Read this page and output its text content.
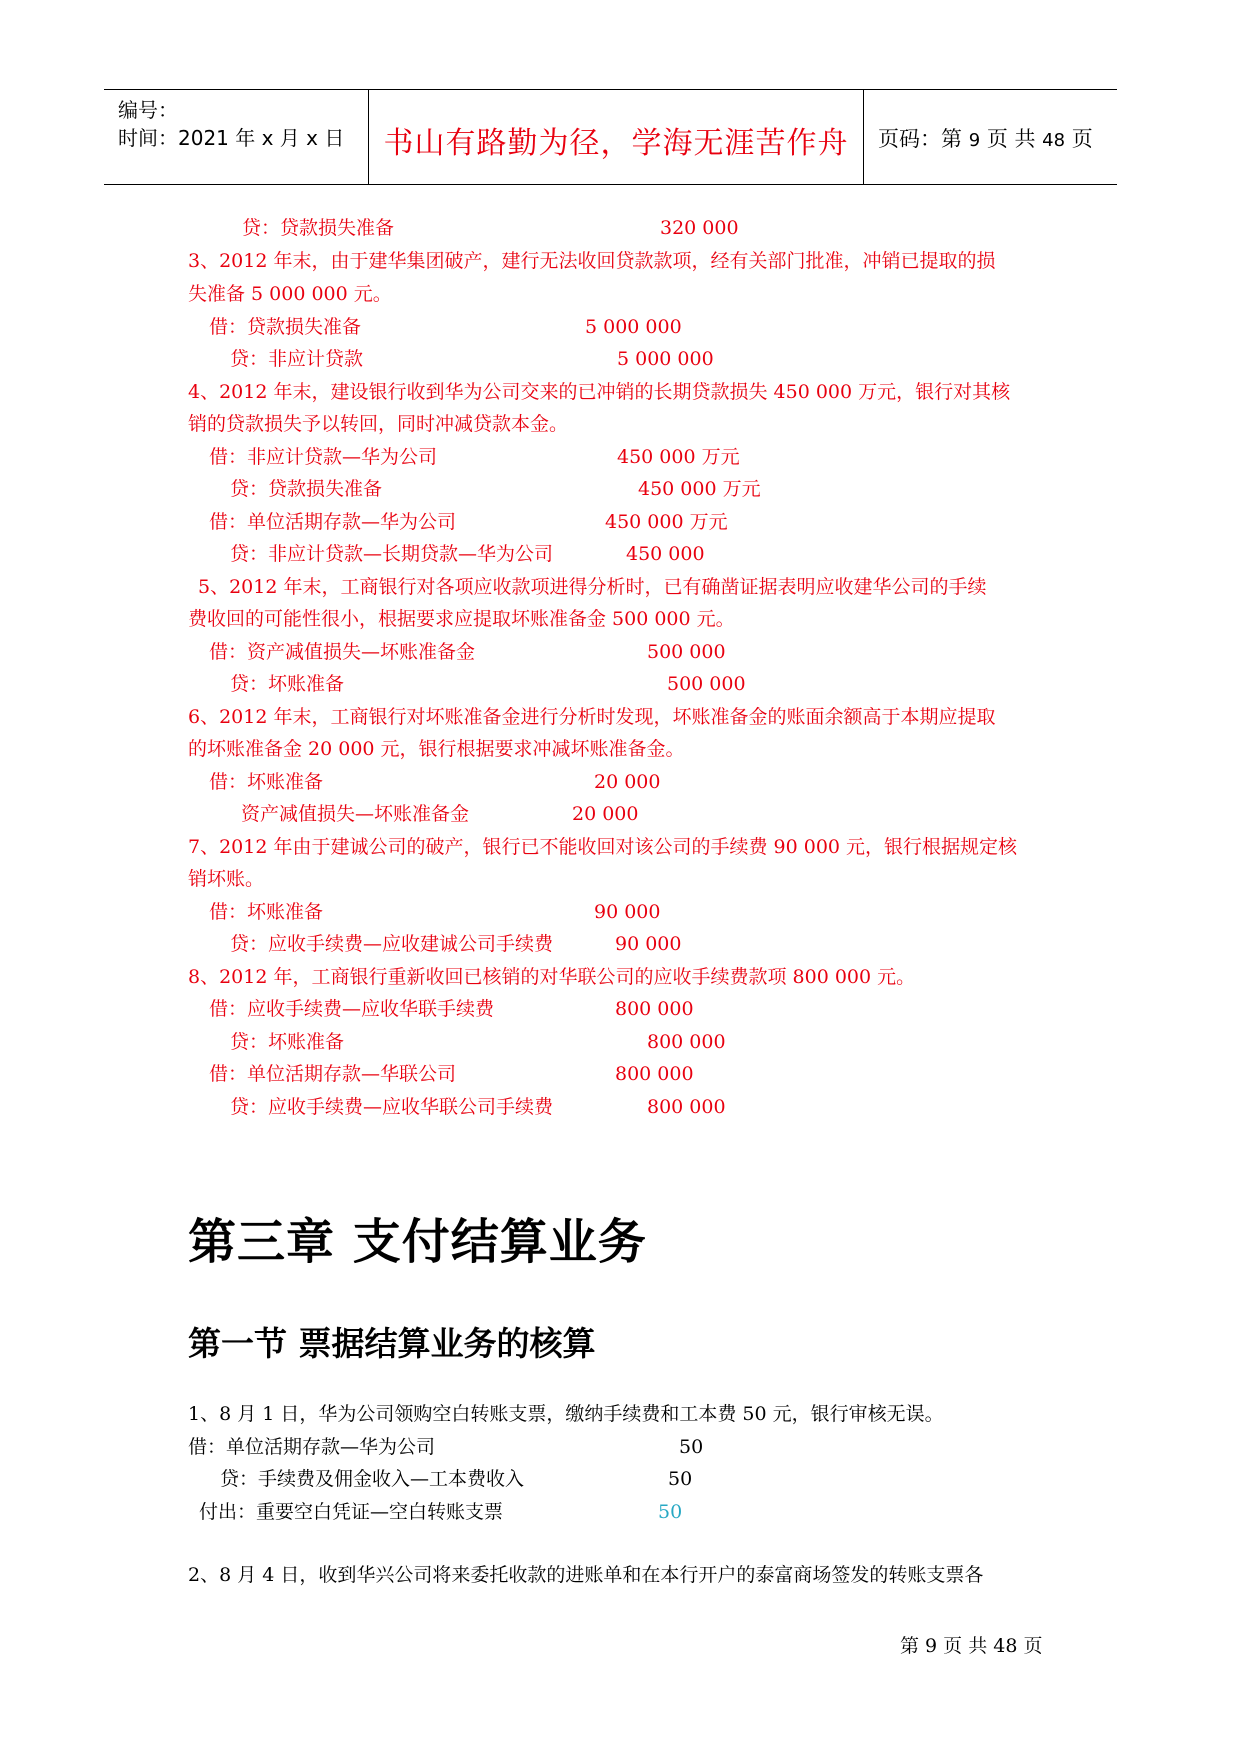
编号：
时间：2021 年 x 月 x 日	书山有路勤为径，学海无涯苦作舟	页码：第 9 页 共 48 页
贷：贷款损失准备	320 000
3、2012 年末，由于建华集团破产，建行无法收回贷款款项，经有关部门批准，冲销已提取的损
失准备 5 000 000 元。
借：贷款损失准备	5 000 000
贷：非应计贷款	5 000 000
4、2012 年末，建设银行收到华为公司交来的已冲销的长期贷款损失 450 000 万元，银行对其核
销的贷款损失予以转回，同时冲减贷款本金。
借：非应计贷款—华为公司	450 000 万元
贷：贷款损失准备	450 000 万元
借：单位活期存款—华为公司	450 000 万元
贷：非应计贷款—长期贷款—华为公司	450 000
5、2012 年末，工商银行对各项应收款项进得分析时，已有确凿证据表明应收建华公司的手续
费收回的可能性很小，根据要求应提取坏账准备金 500 000 元。
借：资产减值损失—坏账准备金	500 000
贷：坏账准备	500 000
6、2012 年末，工商银行对坏账准备金进行分析时发现，坏账准备金的账面余额高于本期应提取
的坏账准备金 20 000 元，银行根据要求冲减坏账准备金。
借：坏账准备	20 000
资产减值损失—坏账准备金	20 000
7、2012 年由于建诚公司的破产，银行已不能收回对该公司的手续费 90 000 元，银行根据规定核
销坏账。
借：坏账准备	90 000
贷：应收手续费—应收建诚公司手续费	90 000
8、2012 年，工商银行重新收回已核销的对华联公司的应收手续费款项 800 000 元。
借：应收手续费—应收华联手续费	800 000
贷：坏账准备	800 000
借：单位活期存款—华联公司	800 000
贷：应收手续费—应收华联公司手续费	800 000
第三章 支付结算业务
第一节 票据结算业务的核算
1、8 月 1 日，华为公司领购空白转账支票，缴纳手续费和工本费 50 元，银行审核无误。
借：单位活期存款—华为公司	50
贷：手续费及佣金收入—工本费收入	50
付出：重要空白凭证—空白转账支票	50
2、8 月 4 日，收到华兴公司将来委托收款的进账单和在本行开户的泰富商场签发的转账支票各
第 9 页 共 48 页
